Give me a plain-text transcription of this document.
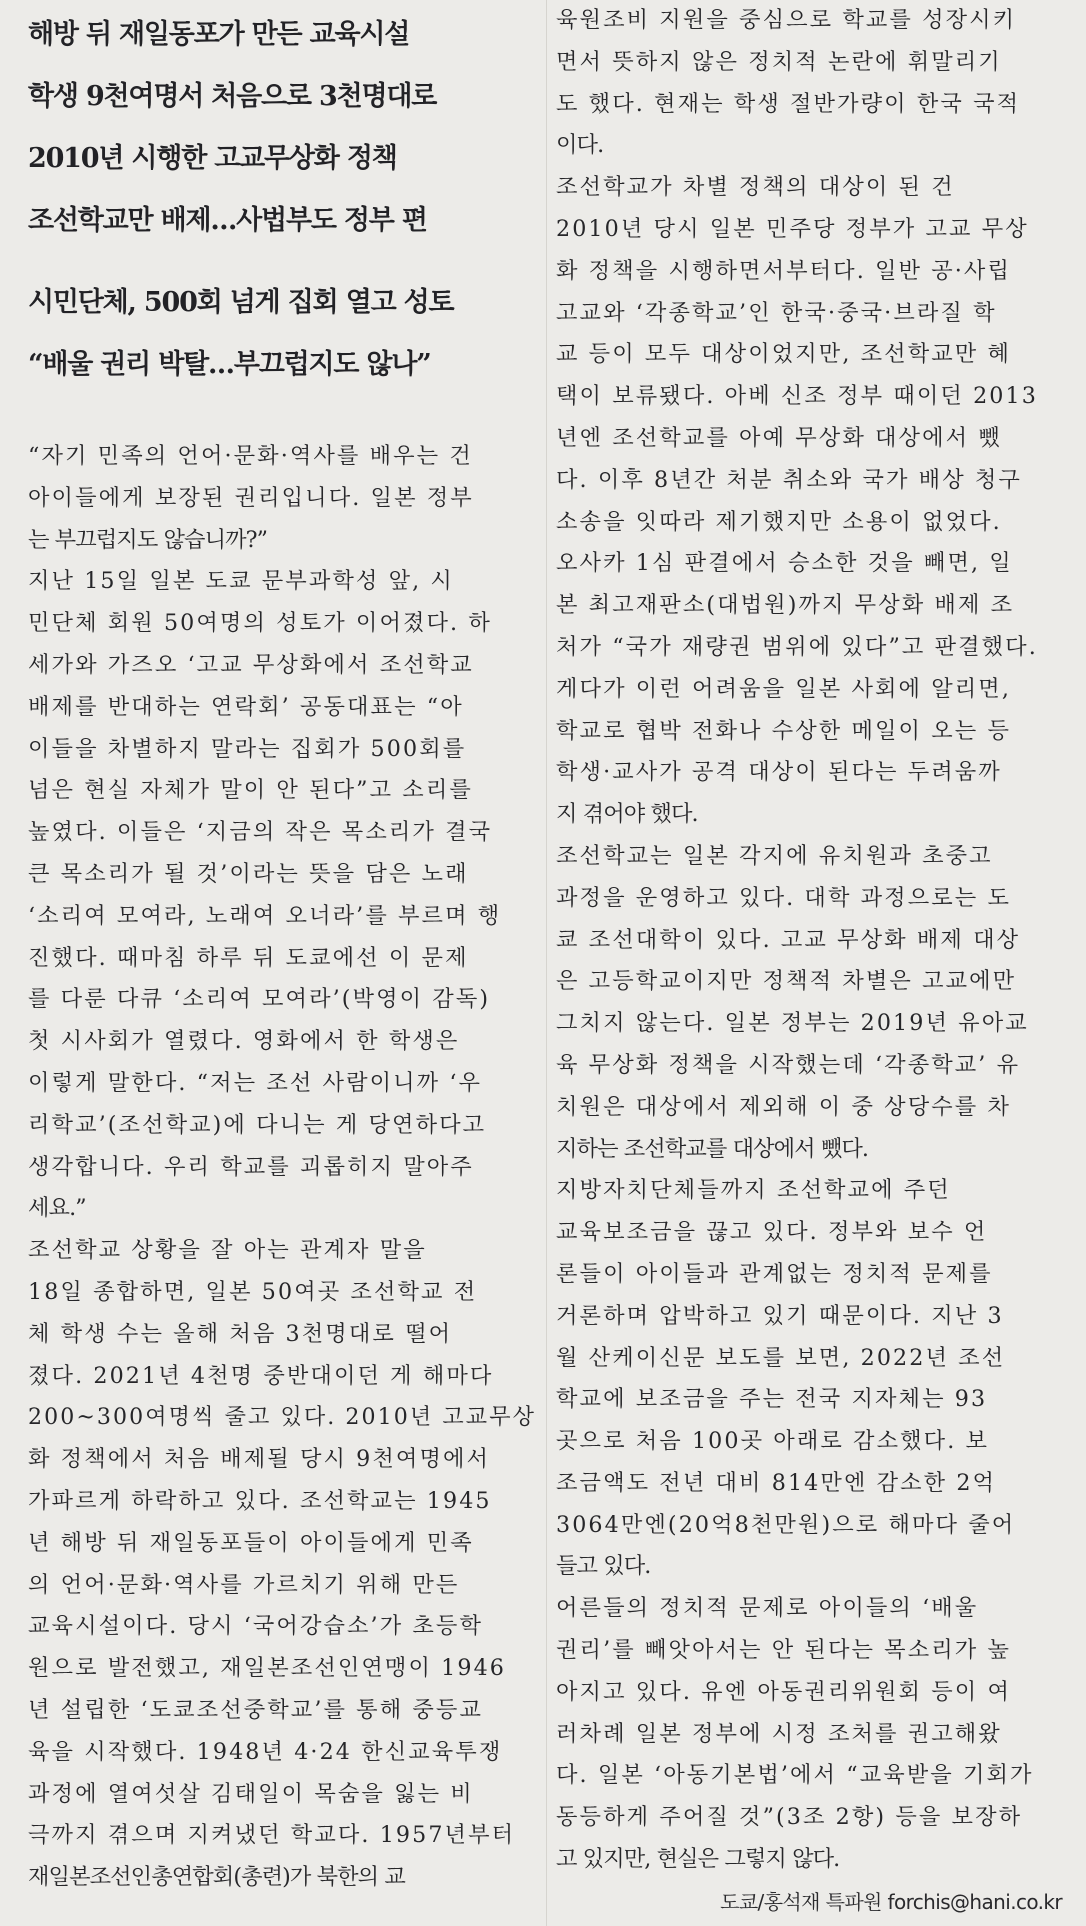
해방 뒤 재일동포가 만든 교육시설
학생 9천여명서 처음으로 3천명대로
2010년 시행한 고교무상화 정책
조선학교만 배제…사법부도 정부 편
시민단체, 500회 넘게 집회 열고 성토
“배울 권리 박탈…부끄럽지도 않나”
“자기 민족의 언어·문화·역사를 배우는 건
아이들에게 보장된 권리입니다. 일본 정부
는 부끄럽지도 않습니까?”
지난 15일 일본 도쿄 문부과학성 앞, 시
민단체 회원 50여명의 성토가 이어졌다. 하
세가와 가즈오 ‘고교 무상화에서 조선학교
배제를 반대하는 연락회’ 공동대표는 “아
이들을 차별하지 말라는 집회가 500회를
넘은 현실 자체가 말이 안 된다”고 소리를
높였다. 이들은 ‘지금의 작은 목소리가 결국
큰 목소리가 될 것’이라는 뜻을 담은 노래
‘소리여 모여라, 노래여 오너라’를 부르며 행
진했다. 때마침 하루 뒤 도쿄에선 이 문제
를 다룬 다큐 ‘소리여 모여라’(박영이 감독)
첫 시사회가 열렸다. 영화에서 한 학생은
이렇게 말한다. “저는 조선 사람이니까 ‘우
리학교’(조선학교)에 다니는 게 당연하다고
생각합니다. 우리 학교를 괴롭히지 말아주
세요.”
조선학교 상황을 잘 아는 관계자 말을
18일 종합하면, 일본 50여곳 조선학교 전
체 학생 수는 올해 처음 3천명대로 떨어
졌다. 2021년 4천명 중반대이던 게 해마다
200~300여명씩 줄고 있다. 2010년 고교무상
화 정책에서 처음 배제될 당시 9천여명에서
가파르게 하락하고 있다. 조선학교는 1945
년 해방 뒤 재일동포들이 아이들에게 민족
의 언어·문화·역사를 가르치기 위해 만든
교육시설이다. 당시 ‘국어강습소’가 초등학
원으로 발전했고, 재일본조선인연맹이 1946
년 설립한 ‘도쿄조선중학교’를 통해 중등교
육을 시작했다. 1948년 4·24 한신교육투쟁
과정에 열여섯살 김태일이 목숨을 잃는 비
극까지 겪으며 지켜냈던 학교다. 1957년부터
재일본조선인총연합회(총련)가 북한의 교
육원조비 지원을 중심으로 학교를 성장시키
면서 뜻하지 않은 정치적 논란에 휘말리기
도 했다. 현재는 학생 절반가량이 한국 국적
이다.
조선학교가 차별 정책의 대상이 된 건
2010년 당시 일본 민주당 정부가 고교 무상
화 정책을 시행하면서부터다. 일반 공·사립
고교와 ‘각종학교’인 한국·중국·브라질 학
교 등이 모두 대상이었지만, 조선학교만 혜
택이 보류됐다. 아베 신조 정부 때이던 2013
년엔 조선학교를 아예 무상화 대상에서 뺐
다. 이후 8년간 처분 취소와 국가 배상 청구
소송을 잇따라 제기했지만 소용이 없었다.
오사카 1심 판결에서 승소한 것을 빼면, 일
본 최고재판소(대법원)까지 무상화 배제 조
처가 “국가 재량권 범위에 있다”고 판결했다.
게다가 이런 어려움을 일본 사회에 알리면,
학교로 협박 전화나 수상한 메일이 오는 등
학생·교사가 공격 대상이 된다는 두려움까
지 겪어야 했다.
조선학교는 일본 각지에 유치원과 초중고
과정을 운영하고 있다. 대학 과정으로는 도
쿄 조선대학이 있다. 고교 무상화 배제 대상
은 고등학교이지만 정책적 차별은 고교에만
그치지 않는다. 일본 정부는 2019년 유아교
육 무상화 정책을 시작했는데 ‘각종학교’ 유
치원은 대상에서 제외해 이 중 상당수를 차
지하는 조선학교를 대상에서 뺐다.
지방자치단체들까지 조선학교에 주던
교육보조금을 끊고 있다. 정부와 보수 언
론들이 아이들과 관계없는 정치적 문제를
거론하며 압박하고 있기 때문이다. 지난 3
월 산케이신문 보도를 보면, 2022년 조선
학교에 보조금을 주는 전국 지자체는 93
곳으로 처음 100곳 아래로 감소했다. 보
조금액도 전년 대비 814만엔 감소한 2억
3064만엔(20억8천만원)으로 해마다 줄어
들고 있다.
어른들의 정치적 문제로 아이들의 ‘배울
권리’를 빼앗아서는 안 된다는 목소리가 높
아지고 있다. 유엔 아동권리위원회 등이 여
러차례 일본 정부에 시정 조처를 권고해왔
다. 일본 ‘아동기본법’에서 “교육받을 기회가
동등하게 주어질 것”(3조 2항) 등을 보장하
고 있지만, 현실은 그렇지 않다.
도쿄/홍석재 특파원 forchis@hani.co.kr
